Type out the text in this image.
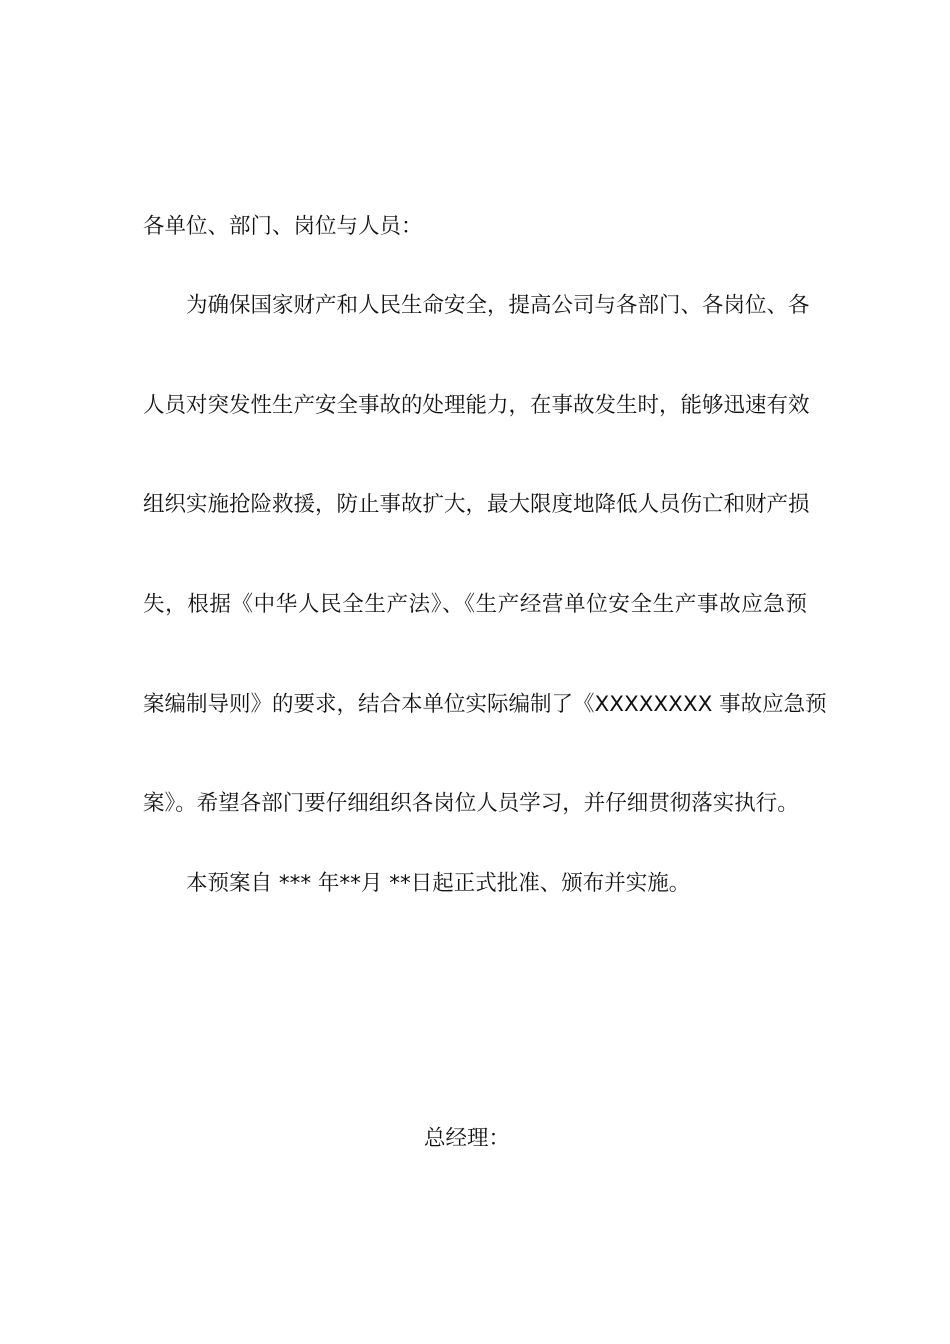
各单位、部门、岗位与人员：
为确保国家财产和人民生命安全，提高公司与各部门、各岗位、各
人员对突发性生产安全事故的处理能力，在事故发生时，能够迅速有效
组织实施抢险救援，防止事故扩大，最大限度地降低人员伤亡和财产损
失，根据《中华人民全生产法》、《生产经营单位安全生产事故应急预
案编制导则》的要求，结合本单位实际编制了《XXXXXXXX 事故应急预
案》。希望各部门要仔细组织各岗位人员学习，并仔细贯彻落实执行。
本预案自 *** 年**月 **日起正式批准、颁布并实施。
总经理：
